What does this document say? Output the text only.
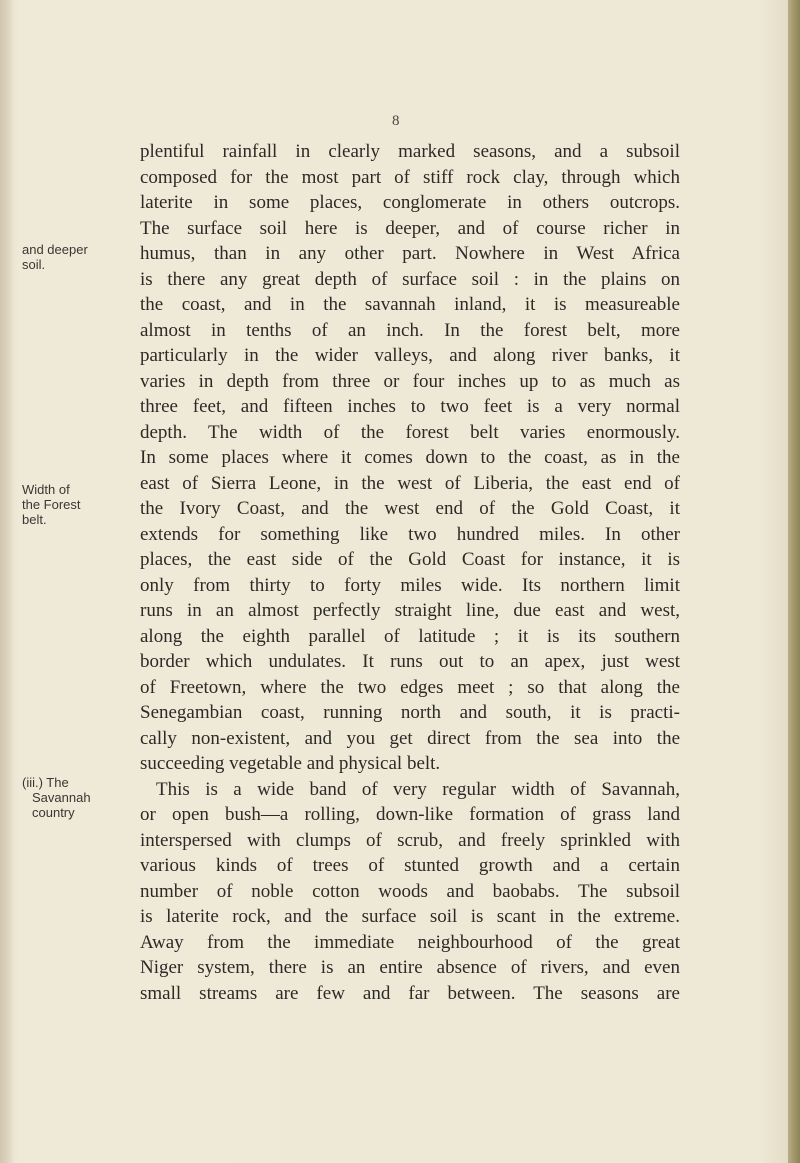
8
and deeper
soil.
Width of
the Forest
belt.
(iii.) The
Savannah
country
plentiful rainfall in clearly marked seasons, and a subsoil
composed for the most part of stiff rock clay, through which
laterite in some places, conglomerate in others outcrops.
The surface soil here is deeper, and of course richer in
humus, than in any other part. Nowhere in West Africa
is there any great depth of surface soil : in the plains on
the coast, and in the savannah inland, it is measureable
almost in tenths of an inch. In the forest belt, more
particularly in the wider valleys, and along river banks, it
varies in depth from three or four inches up to as much as
three feet, and fifteen inches to two feet is a very normal
depth. The width of the forest belt varies enormously.
In some places where it comes down to the coast, as in the
east of Sierra Leone, in the west of Liberia, the east end of
the Ivory Coast, and the west end of the Gold Coast, it
extends for something like two hundred miles. In other
places, the east side of the Gold Coast for instance, it is
only from thirty to forty miles wide. Its northern limit
runs in an almost perfectly straight line, due east and west,
along the eighth parallel of latitude ; it is its southern
border which undulates. It runs out to an apex, just west
of Freetown, where the two edges meet ; so that along the
Senegambian coast, running north and south, it is practi-
cally non-existent, and you get direct from the sea into the
succeeding vegetable and physical belt.
This is a wide band of very regular width of Savannah,
or open bush—a rolling, down-like formation of grass land
interspersed with clumps of scrub, and freely sprinkled with
various kinds of trees of stunted growth and a certain
number of noble cotton woods and baobabs. The subsoil
is laterite rock, and the surface soil is scant in the extreme.
Away from the immediate neighbourhood of the great
Niger system, there is an entire absence of rivers, and even
small streams are few and far between. The seasons are
